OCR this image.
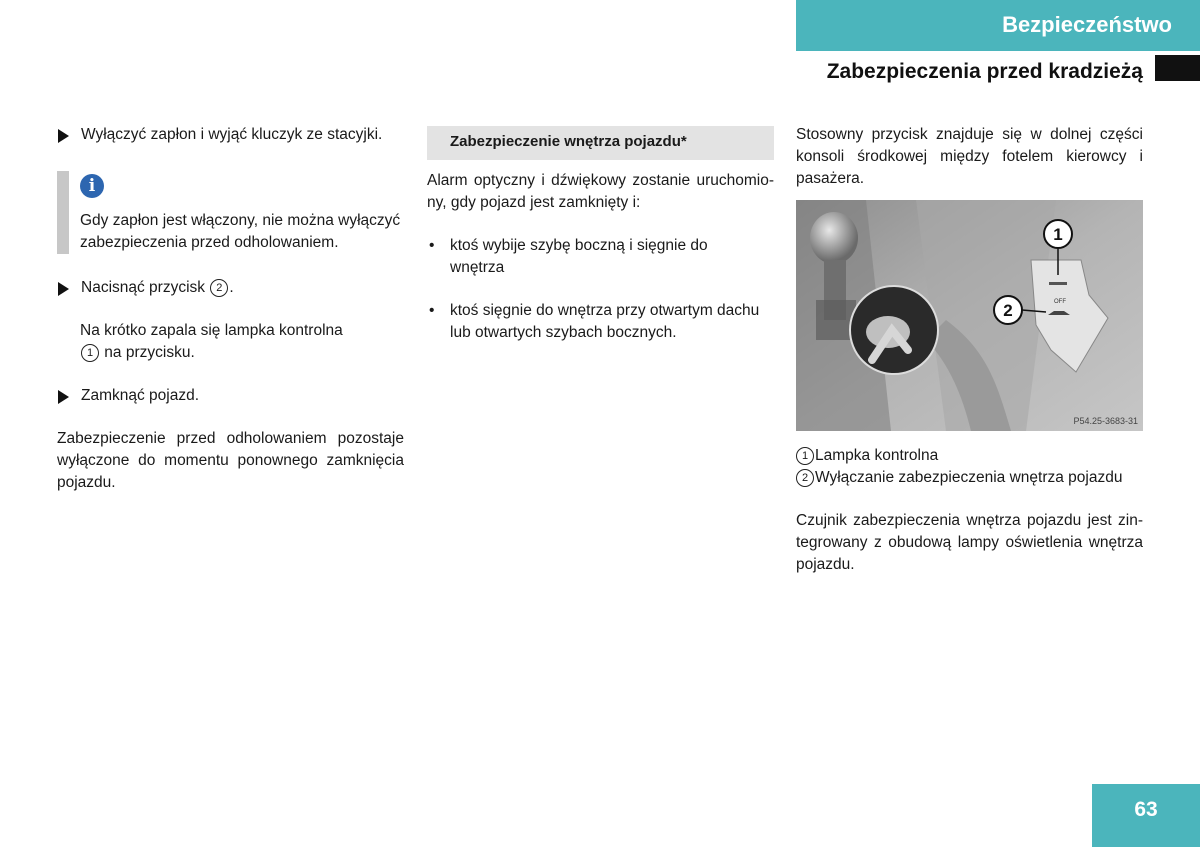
Bezpieczeństwo
Zabezpieczenia przed kradzieżą
Wyłączyć zapłon i wyjąć kluczyk ze stacyjki.
i
Gdy zapłon jest włączony, nie można wyłączyć
zabezpieczenia przed odholowaniem.
Nacisnąć przycisk 2 .
Na krótko zapala się lampka kontrolna
1 na przycisku.
Zamknąć pojazd.
Zabezpieczenie przed odholowaniem pozostaje
wyłączone do momentu ponownego zamknięcia
pojazdu.
Zabezpieczenie wnętrza pojazdu*
Alarm optyczny i dźwiękowy zostanie uruchomio-
ny, gdy pojazd jest zamknięty i:
• ktoś wybije szybę boczną i sięgnie do
wnętrza
• ktoś sięgnie do wnętrza przy otwartym dachu
lub otwartych szybach bocznych.
Stosowny przycisk znajduje się w dolnej części
konsoli środkowej między fotelem kierowcy i
pasażera.
OFF
1
2
P54.25-3683-31
1 Lampka kontrolna
2 Wyłączanie zabezpieczenia wnętrza pojazdu
Czujnik zabezpieczenia wnętrza pojazdu jest zin-
tegrowany z obudową lampy oświetlenia wnętrza
pojazdu.
63
